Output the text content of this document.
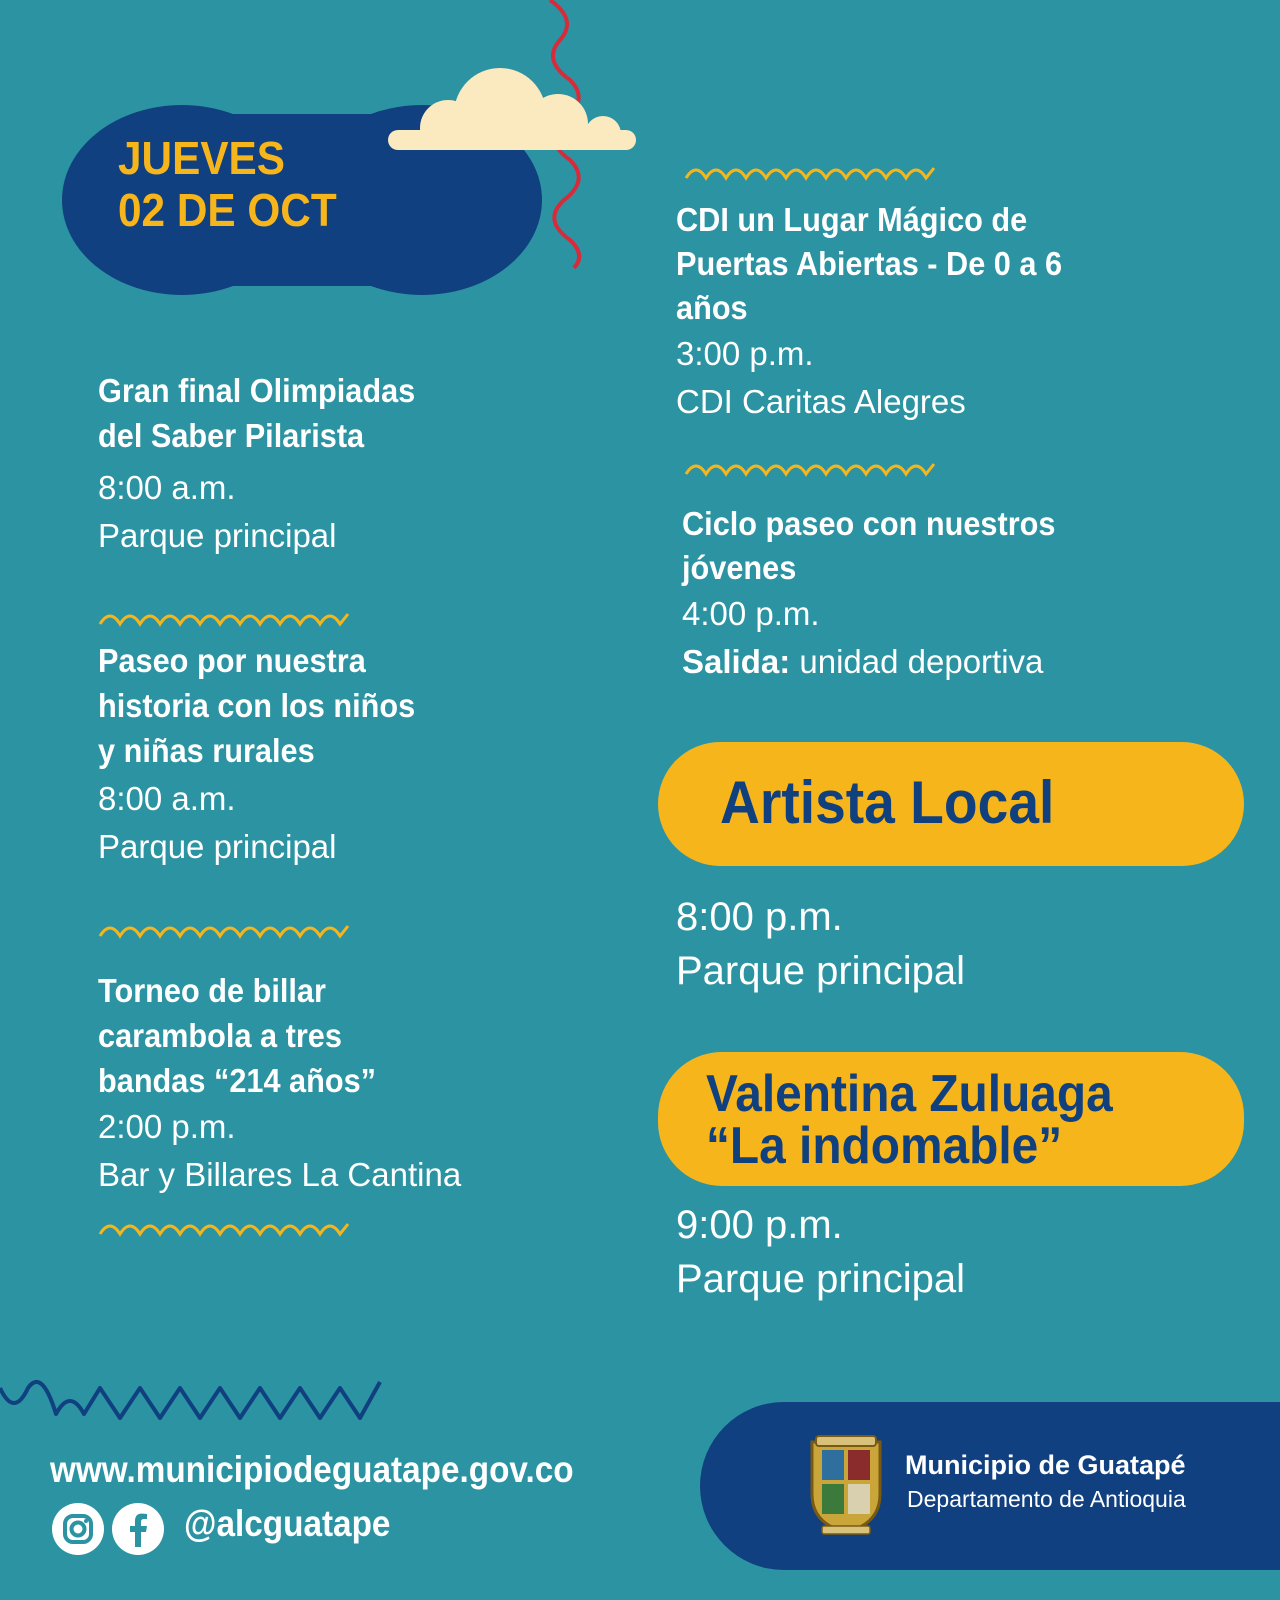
JUEVES
02 DE OCT
Gran final Olimpiadas
del Saber Pilarista
8:00 a.m.
Parque principal
Paseo por nuestra
historia con los niños
y niñas rurales
8:00 a.m.
Parque principal
Torneo de billar
carambola a tres
bandas “214 años”
2:00 p.m.
Bar y Billares La Cantina
CDI un Lugar Mágico de
Puertas Abiertas - De 0 a 6
años
3:00 p.m.
CDI Caritas Alegres
Ciclo paseo con nuestros
jóvenes
4:00 p.m.
Salida: unidad deportiva
Artista Local
8:00 p.m.
Parque principal
Valentina Zuluaga
“La indomable”
9:00 p.m.
Parque principal
www.municipiodeguatape.gov.co
@alcguatape
Municipio de Guatapé
Departamento de Antioquia
